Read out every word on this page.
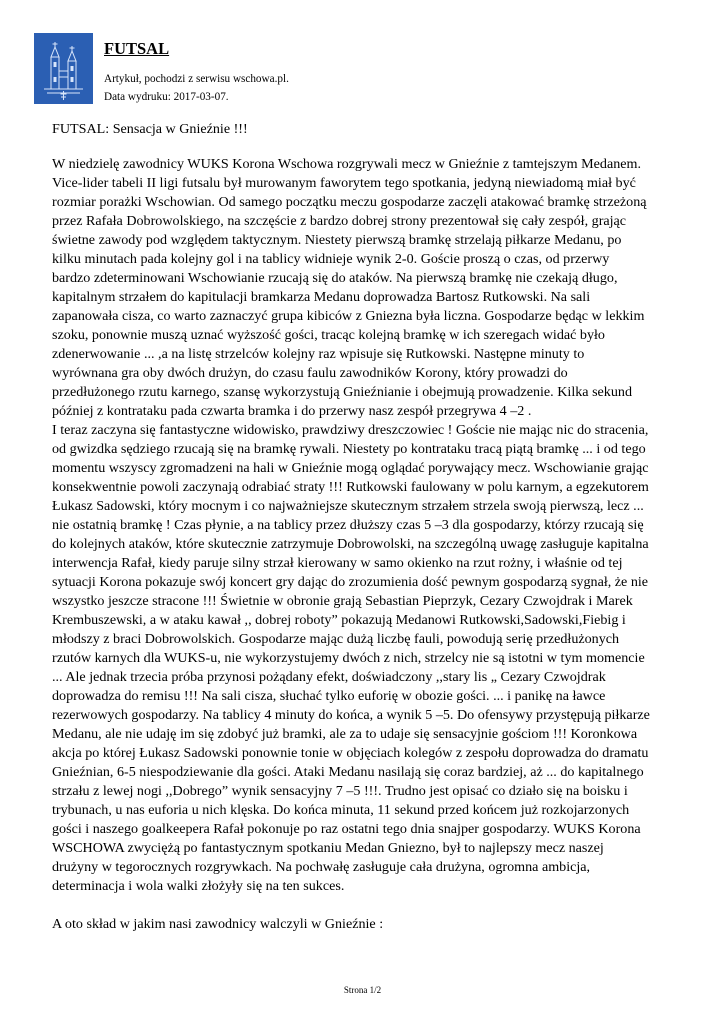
FUTSAL
Artykuł, pochodzi z serwisu wschowa.pl.
Data wydruku: 2017-03-07.
FUTSAL: Sensacja w Gnieźnie !!!
W niedzielę zawodnicy WUKS Korona Wschowa rozgrywali mecz w Gnieźnie z tamtejszym Medanem.
Vice-lider tabeli II ligi futsalu był murowanym faworytem tego spotkania, jedyną niewiadomą miał być
rozmiar porażki Wschowian. Od samego początku meczu gospodarze zaczęli atakować bramkę strzeżoną
przez Rafała Dobrowolskiego, na szczęście z bardzo dobrej strony prezentował się cały zespół, grając
świetne zawody pod względem taktycznym. Niestety pierwszą bramkę strzelają piłkarze Medanu, po
kilku minutach pada kolejny gol i na tablicy widnieje wynik 2-0. Goście proszą o czas, od przerwy
bardzo zdeterminowani Wschowianie rzucają się do ataków. Na pierwszą bramkę nie czekają długo,
kapitalnym strzałem do kapitulacji bramkarza Medanu doprowadza Bartosz Rutkowski. Na sali
zapanowała cisza, co warto zaznaczyć grupa kibiców z Gniezna była liczna. Gospodarze będąc w lekkim
szoku, ponownie muszą uznać wyższość gości, tracąc kolejną bramkę w ich szeregach widać było
zdenerwowanie ... ,a na listę strzelców kolejny raz wpisuje się Rutkowski. Następne minuty to
wyrównana gra oby dwóch drużyn, do czasu faulu zawodników Korony, który prowadzi do
przedłużonego rzutu karnego, szansę wykorzystują Gnieźnianie i obejmują prowadzenie. Kilka sekund
później z kontrataku pada czwarta bramka i do przerwy nasz zespół przegrywa 4 –2 .
I teraz zaczyna się fantastyczne widowisko, prawdziwy dreszczowiec ! Goście nie mając nic do stracenia,
od gwizdka sędziego rzucają się na bramkę rywali. Niestety po kontrataku tracą piątą bramkę ... i od tego
momentu wszyscy zgromadzeni na hali w Gnieźnie mogą oglądać porywający mecz. Wschowianie grając
konsekwentnie powoli zaczynają odrabiać straty !!! Rutkowski faulowany w polu karnym, a egzekutorem
Łukasz Sadowski, który mocnym i co najważniejsze skutecznym strzałem strzela swoją pierwszą, lecz ...
nie ostatnią bramkę ! Czas płynie, a na tablicy przez dłuższy czas 5 –3 dla gospodarzy, którzy rzucają się
do kolejnych ataków, które skutecznie zatrzymuje Dobrowolski, na szczególną uwagę zasługuje kapitalna
interwencja Rafał, kiedy paruje silny strzał kierowany w samo okienko na rzut rożny, i właśnie od tej
sytuacji Korona pokazuje swój koncert gry dając do zrozumienia dość pewnym gospodarzą sygnał, że nie
wszystko jeszcze stracone !!! Świetnie w obronie grają Sebastian Pieprzyk, Cezary Czwojdrak i Marek
Krembuszewski, a w ataku kawał ,, dobrej roboty” pokazują Medanowi Rutkowski,Sadowski,Fiebig i
młodszy z braci Dobrowolskich. Gospodarze mając dużą liczbę fauli, powodują serię przedłużonych
rzutów karnych dla WUKS-u, nie wykorzystujemy dwóch z nich, strzelcy nie są istotni w tym momencie
... Ale jednak trzecia próba przynosi pożądany efekt, doświadczony ,,stary lis „ Cezary Czwojdrak
doprowadza do remisu !!! Na sali cisza, słuchać tylko euforię w obozie gości. ... i panikę na ławce
rezerwowych gospodarzy. Na tablicy 4 minuty do końca, a wynik 5 –5. Do ofensywy przystępują piłkarze
Medanu, ale nie udaję im się zdobyć już bramki, ale za to udaje się sensacyjnie gościom !!! Koronkowa
akcja po której Łukasz Sadowski ponownie tonie w objęciach kolegów z zespołu doprowadza do dramatu
Gnieźnian, 6-5 niespodziewanie dla gości. Ataki Medanu nasilają się coraz bardziej, aż ... do kapitalnego
strzału z lewej nogi ,,Dobrego” wynik sensacyjny 7 –5 !!!. Trudno jest opisać co działo się na boisku i
trybunach, u nas euforia u nich klęska. Do końca minuta, 11 sekund przed końcem już rozkojarzonych
gości i naszego goalkeepera Rafał pokonuje po raz ostatni tego dnia snajper gospodarzy. WUKS Korona
WSCHOWA zwyciężą po fantastycznym spotkaniu Medan Gniezno, był to najlepszy mecz naszej
drużyny w tegorocznych rozgrywkach. Na pochwałę zasługuje cała drużyna, ogromna ambicja,
determinacja i wola walki złożyły się na ten sukces.

A oto skład w jakim nasi zawodnicy walczyli w Gnieźnie :

Strona 1/2
